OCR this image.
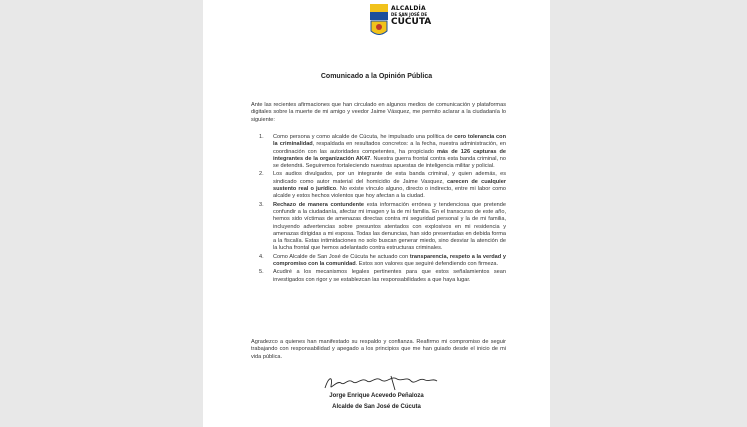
ALCALDÍA
DE SAN JOSÉ DE
CÚCUTA
Comunicado a la Opinión Pública
Ante las recientes afirmaciones que han circulado en algunos medios de comunicación y plataformas digitales sobre la muerte de mi amigo y veedor Jaime Vásquez, me permito aclarar a la ciudadanía lo siguiente:
1. Como persona y como alcalde de Cúcuta, he impulsado una política de cero tolerancia con la criminalidad, respaldada en resultados concretos: a la fecha, nuestra administración, en coordinación con las autoridades competentes, ha propiciado más de 126 capturas de integrantes de la organización AK47. Nuestra guerra frontal contra esta banda criminal, no se detendrá. Seguiremos fortaleciendo nuestras apuestas de inteligencia militar y policial.
2. Los audios divulgados, por un integrante de esta banda criminal, y quien además, es sindicado como autor material del homicidio de Jaime Vasquez, carecen de cualquier sustento real o jurídico. No existe vínculo alguno, directo o indirecto, entre mi labor como alcalde y estos hechos violentos que hoy afectan a la ciudad.
3. Rechazo de manera contundente esta información errónea y tendenciosa que pretende confundir a la ciudadanía, afectar mi imagen y la de mi familia. En el transcurso de este año, hemos sido víctimas de amenazas directas contra mi seguridad personal y la de mi familia, incluyendo advertencias sobre presuntos atentados con explosivos en mi residencia y amenazas dirigidas a mi esposa. Todas las denuncias, han sido presentadas en debida forma a la fiscalía. Estas intimidaciones no solo buscan generar miedo, sino desviar la atención de la lucha frontal que hemos adelantado contra estructuras criminales.
4. Como Alcalde de San José de Cúcuta he actuado con transparencia, respeto a la verdad y compromiso con la comunidad. Estos son valores que seguiré defendiendo con firmeza.
5. Acudiré a los mecanismos legales pertinentes para que estos señalamientos sean investigados con rigor y se establezcan las responsabilidades a que haya lugar.
Agradezco a quienes han manifestado su respaldo y confianza. Reafirmo mi compromiso de seguir trabajando con responsabilidad y apegado a los principios que me han guiado desde el inicio de mi vida pública.
Jorge Enrique Acevedo Peñaloza
Alcalde de San José de Cúcuta
